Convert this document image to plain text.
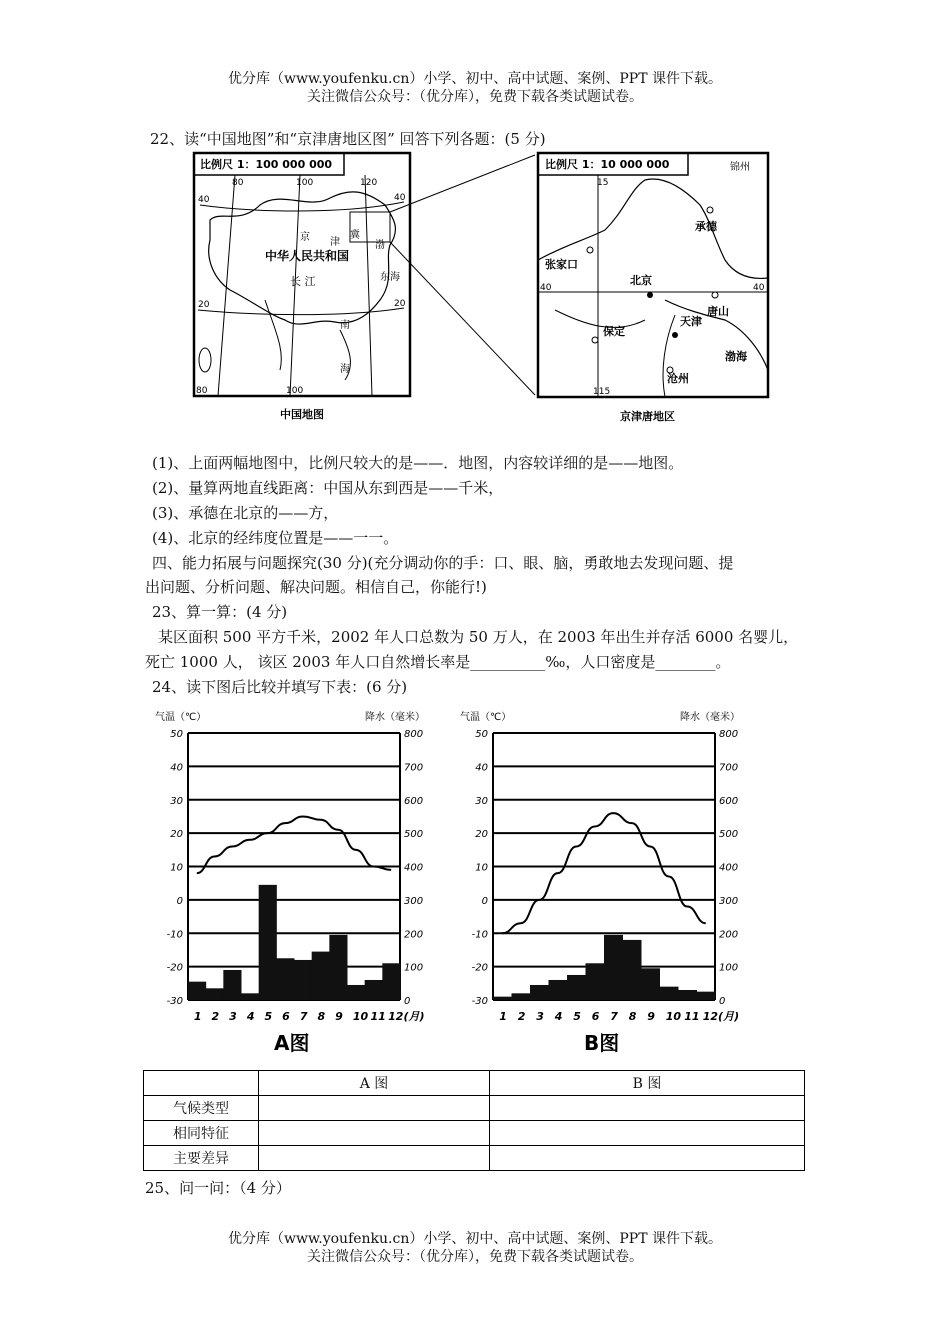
优分库（www.youfenku.cn）小学、初中、高中试题、案例、PPT 课件下载。
关注微信公众号：（优分库），免费下载各类试题试卷。
22、读“中国地图”和“京津唐地区图” 回答下列各题：(5 分)
比例尺 1：100 000 000
中华人民共和国
长 江
京 津
冀
渤
东海
南
海
80	100	120
80	100
40
20
40
20
中国地图
比例尺 1：10 000 000
15
115
40	40
锦州
张家口
承德
北京
唐山
天津
保定
沧州
渤海
京津唐地区
(1)、上面两幅地图中，比例尺较大的是——．地图，内容较详细的是——地图。
(2)、量算两地直线距离：中国从东到西是——千米，
(3)、承德在北京的——方，
(4)、北京的经纬度位置是——一一。
四、能力拓展与问题探究(30 分)(充分调动你的手：口、眼、脑，勇敢地去发现问题、提
出问题、分析问题、解决问题。相信自己，你能行!)
23、算一算：(4 分)
某区面积 500 平方千米，2002 年人口总数为 50 万人，在 2003 年出生并存活 6000 名婴儿，
死亡 1000 人， 该区 2003 年人口自然增长率是__________‰，人口密度是________。
24、读下图后比较并填写下表：(6 分)
气温（℃）	降水（毫米）
-30
-20
-10
0
10
20
30
40
50
0
100
200
300
400
500
600
700
800
1 2 3 4 5 6 7 8 9 10 11 12(月)
A图
气温（℃）	降水（毫米）
-30
-20
-10
0
10
20
30
40
50
0
100
200
300
400
500
600
700
800
1 2 3 4 5 6 7 8 9 10 11 12(月)
B图
	A 图	B 图
气候类型		
相同特征		
主要差异		
25、问一问：（4 分）
优分库（www.youfenku.cn）小学、初中、高中试题、案例、PPT 课件下载。
关注微信公众号：（优分库），免费下载各类试题试卷。
